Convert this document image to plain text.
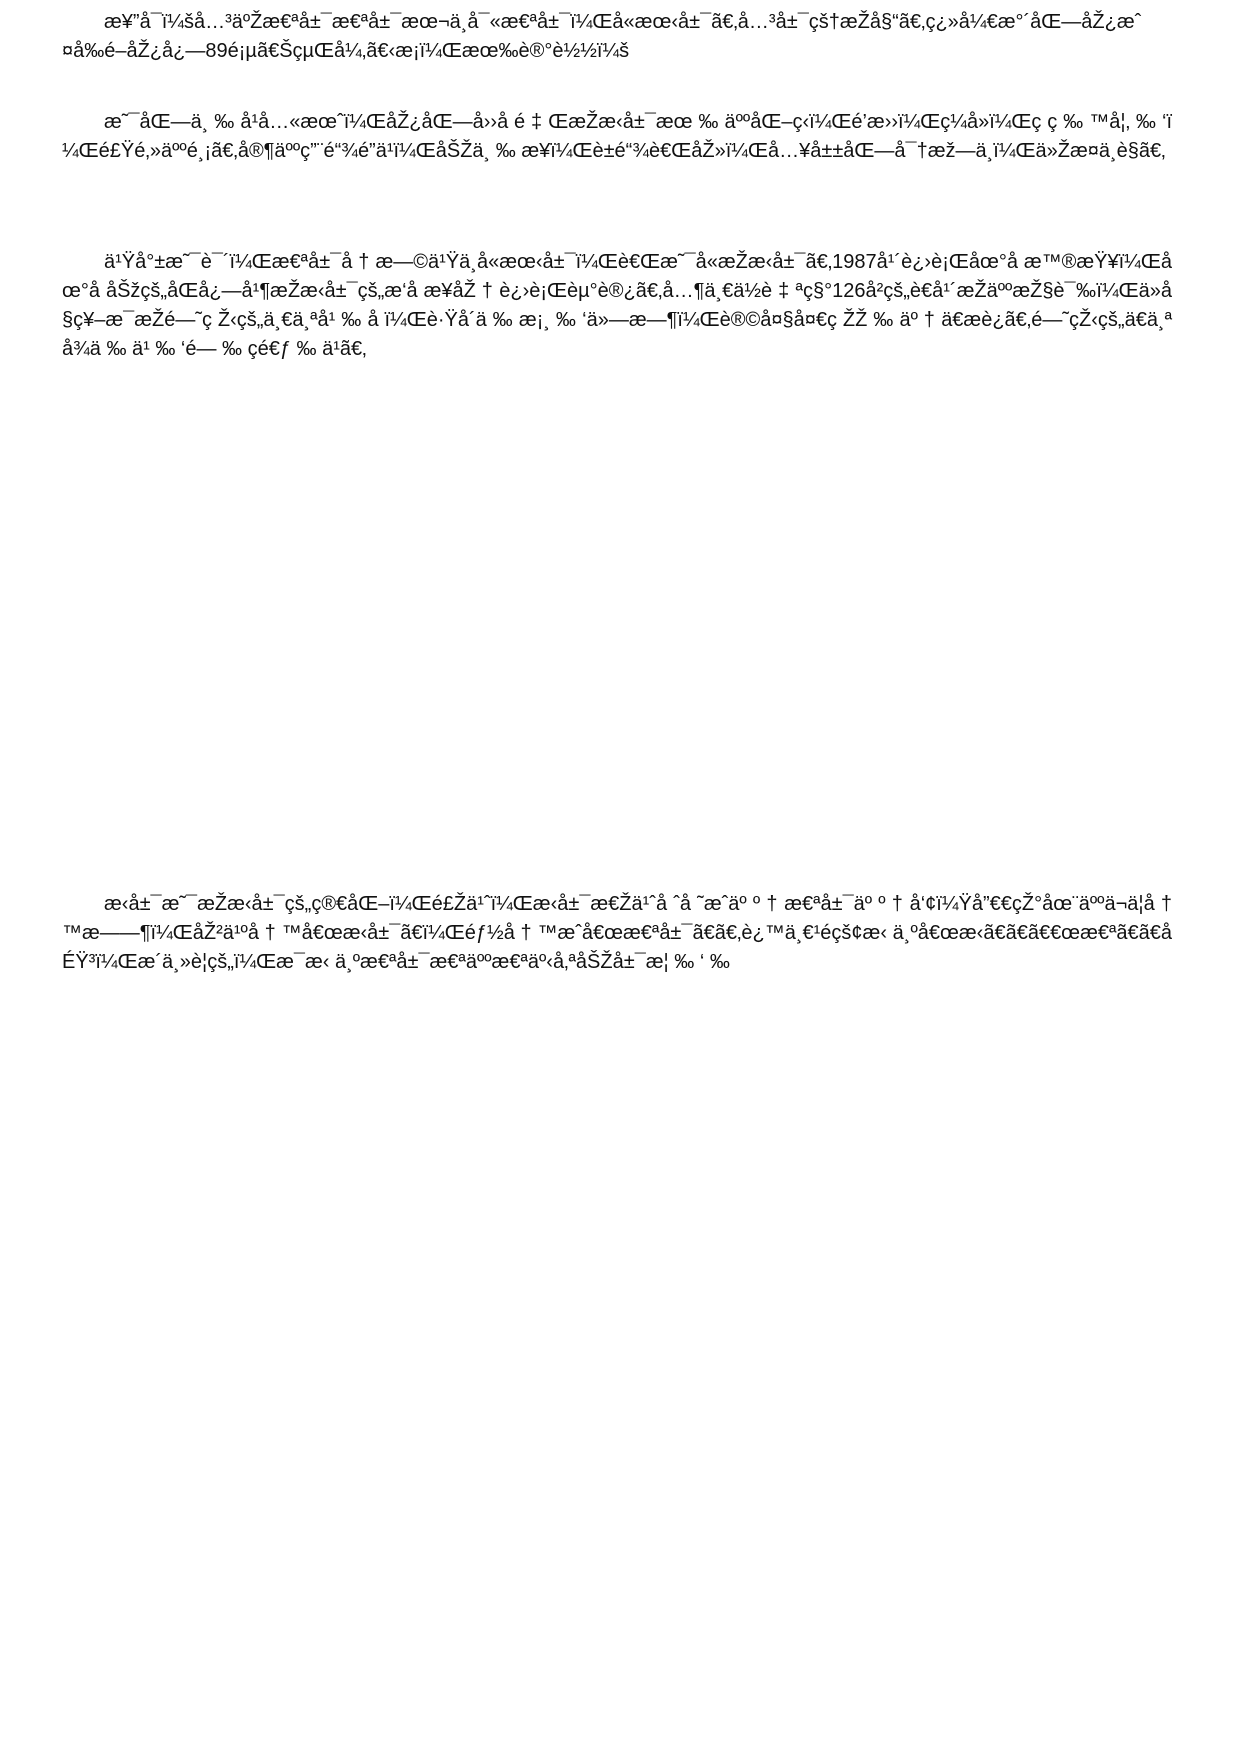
æ¥”å¯ï¼šå…³äºŽæ€ªå±¯æ€ªå±¯æœ¬ä¸å¯«æ€ªå±¯ï¼Œå«æœ‹å±¯ã€‚å…³å±¯çš†æŽå§“ã€‚ç¿»å¼€æ°´åŒ—åŽ¿æˆ¤å‰é–åŽ¿å¿—89é¡µã€ŠçµŒå¼‚ã€‹æ¡ï¼Œæœ‰è®°è½½ï¼š

æ˜¯åŒ—ä¸ ‰ å¹å…«æœˆï¼ŒåŽ¿åŒ—å››å é ‡ ŒæŽæ‹å±¯æœ ‰ äººåŒ–ç‹ï¼Œé’æ››ï¼Œç¼å»ï¼Œç ç ‰ ™å¦‚ ‰ ‘ï¼Œé£Ÿé‚»äººé¸¡ã€‚å®¶äººç”¨é“¾é”ä¹ï¼ŒåŠŽä¸ ‰ æ¥ï¼Œè±é“¾è€ŒåŽ»ï¼Œå…¥å±±åŒ—å¯†æž—ä¸ï¼Œä»Žæ¤ä¸è§ã€‚

ä¹Ÿå°±æ˜¯è¯´ï¼Œæ€ªå±¯å † æ—©ä¹Ÿä¸å«æœ‹å±¯ï¼Œè€Œæ˜¯å«æŽæ‹å±¯ã€‚1987å¹´è¿›è¡Œåœ°å æ™®æŸ¥ï¼Œåœ°å åŠžçš„åŒå¿—å¹¶æŽæ‹å±¯çš„æ‘å æ¥åŽ † è¿›è¡Œèµ°è®¿ã€‚å…¶ä¸€ä½è ‡ ªç§°126å²çš„è€å¹´æŽäººæŽ§è¯‰ï¼Œä»å§ç¥–æ¯æŽé—˜ç Ž‹çš„ä¸€ä¸ªå¹ ‰ å ï¼Œè·Ÿå´ä ‰ æ¡¸ ‰ ‘ä»—æ—¶ï¼Œè®©å¤§å¤€ç ŽŽ ‰ äº † ä€æè¿ã€‚é—˜çŽ‹çš„ä€ä¸ªå¾ä ‰ ä¹ ‰ ‘é— ‰ çé€ƒ ‰ ä¹ã€‚

æ‹å±¯æ˜¯æŽæ‹å±¯çš„ç®€åŒ–ï¼Œé£Žä¹ˆï¼Œæ‹å±¯æ€Žä¹ˆå ˆå ˜æˆäº º † æ€ªå±¯äº º † å‘¢ï¼Ÿå”€€çŽ°åœ¨äººä¬ä¦å † ™æ——¶ï¼ŒåŽ²ä¹ºå † ™å€œæ‹å±¯ã€ï¼Œéƒ½å † ™æˆå€œæ€ªå±¯ã€ã€‚è¿™ä¸€¹éçš¢æ‹ ä¸ºå€œæ‹ã€ã€ã€€œæ€ªã€ã€å ÉŸ³ï¼Œæ´ä¸»è¦çš„ï¼Œæ¯æ‹ ä¸ºæ€ªå±¯æ€ªäººæ€ªäº‹å‚ªåŠŽå±¯æ¦ ‰ ‘ ‰
